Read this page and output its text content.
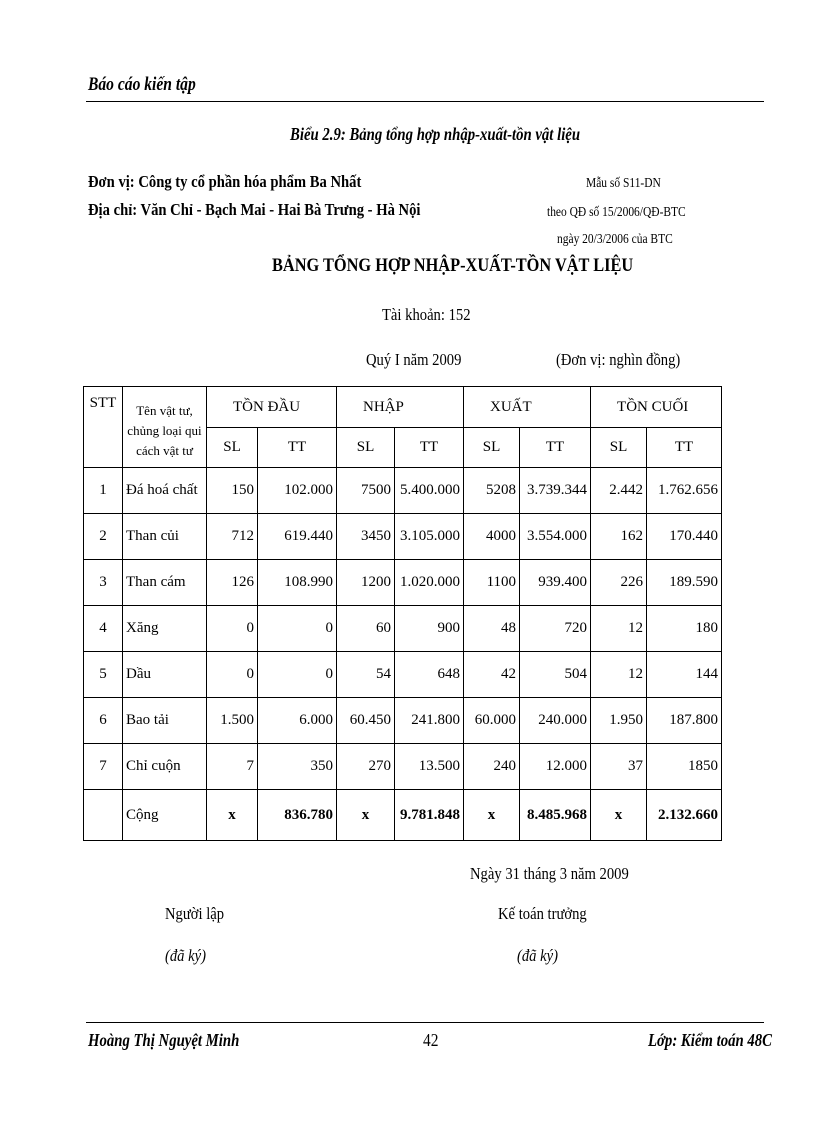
Báo cáo kiến tập
Biểu 2.9: Bảng tổng hợp nhập-xuất-tồn vật liệu
Đơn vị: Công ty cổ phần hóa phẩm Ba Nhất
Địa chỉ: Văn Chỉ - Bạch Mai - Hai Bà Trưng - Hà Nội
Mẫu số S11-DN
theo QĐ số 15/2006/QĐ-BTC
ngày 20/3/2006 của BTC
BẢNG TỔNG HỢP NHẬP-XUẤT-TỒN VẬT LIỆU
Tài khoản: 152
Quý I năm 2009	(Đơn vị: nghìn đồng)
STT	Tên vật tư, chủng loại qui cách vật tư	TỒN ĐẦU		NHẬP		XUẤT		TỒN CUỐI	
		SL	TT	SL	TT	SL	TT	SL	TT
1	Đá hoá chất	150	102.000	7500	5.400.000	5208	3.739.344	2.442	1.762.656
2	Than củi	712	619.440	3450	3.105.000	4000	3.554.000	162	170.440
3	Than cám	126	108.990	1200	1.020.000	1100	939.400	226	189.590
4	Xăng	0	0	60	900	48	720	12	180
5	Dầu	0	0	54	648	42	504	12	144
6	Bao tải	1.500	6.000	60.450	241.800	60.000	240.000	1.950	187.800
7	Chỉ cuộn	7	350	270	13.500	240	12.000	37	1850
	Cộng	x	836.780	x	9.781.848	x	8.485.968	x	2.132.660
Ngày 31 tháng 3 năm 2009
Người lập	Kế toán trưởng
(đã ký)	(đã ký)
Hoàng Thị Nguyệt Minh	42	Lớp: Kiểm toán 48C
